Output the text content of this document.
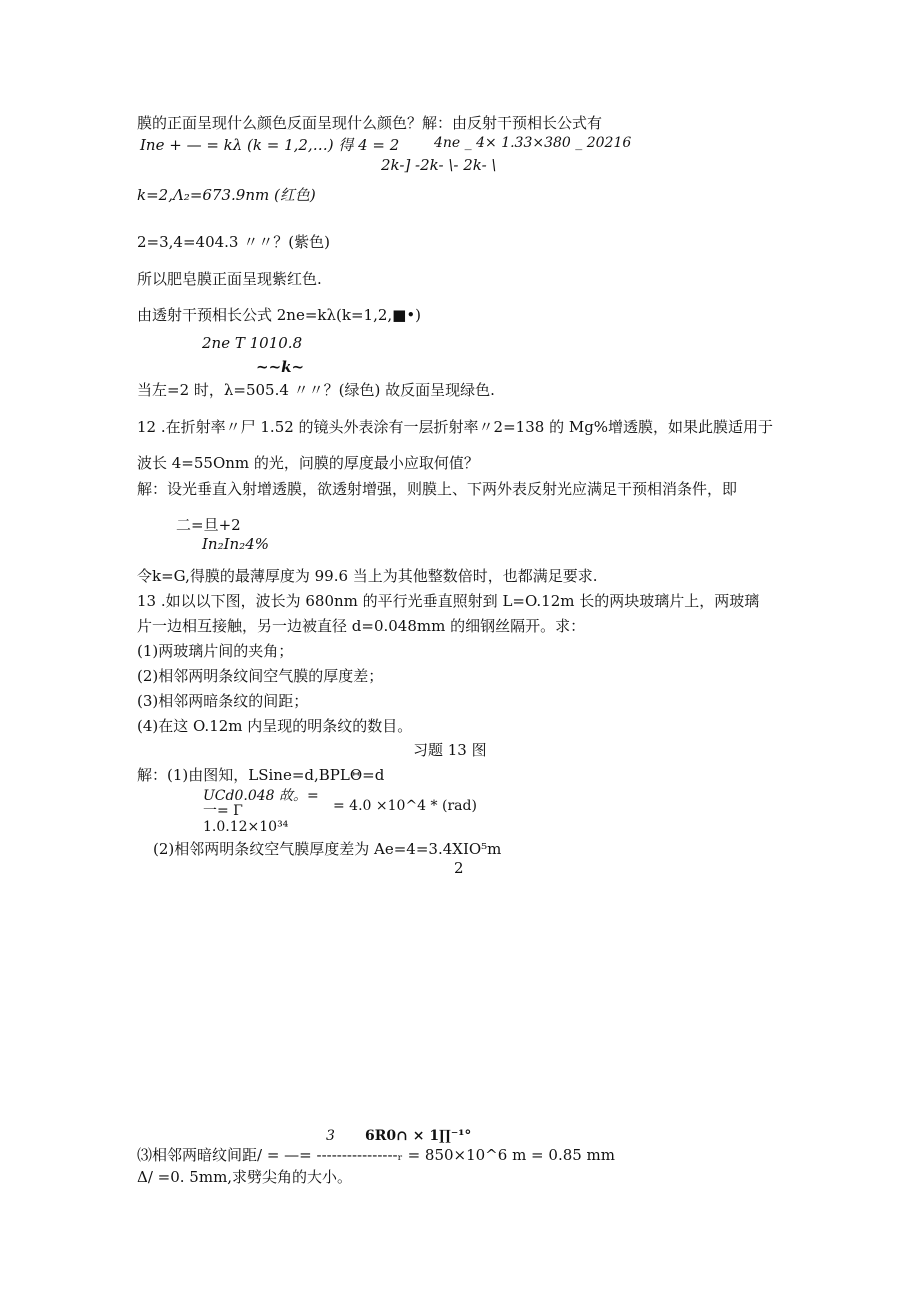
膜的正面呈现什么颜色反面呈现什么颜色？解：由反射干预相长公式有
Ine + — = kλ (k = 1,2,…) 得 4 = 2 4ne _ 4× 1.33×380 _ 20216
2k-] -2k- \- 2k- \
k=2,Λ₂=673.9nm (红色)
2=3,4=404.3 〃〃？(紫色)
所以肥皂膜正面呈现紫红色.
由透射干预相长公式 2ne=kλ(k=1,2,■•)
2ne T 1010.8
~~k~
当左=2 时，λ=505.4 〃〃？(绿色) 故反面呈现绿色.
12 .在折射率〃尸 1.52 的镜头外表涂有一层折射率〃2=138 的 Mg%增透膜，如果此膜适用于
波长 4=55Onm 的光，问膜的厚度最小应取何值？
解：设光垂直入射增透膜，欲透射增强，则膜上、下两外表反射光应满足干预相消条件，即
二=旦+2
In₂In₂4%
令k=G,得膜的最薄厚度为 99.6 当上为其他整数倍时，也都满足要求.
13 .如以以下图，波长为 680nm 的平行光垂直照射到 L=O.12m 长的两块玻璃片上，两玻璃
片一边相互接触，另一边被直径 d=0.048mm 的细钢丝隔开。求：
(1)两玻璃片间的夹角；
(2)相邻两明条纹间空气膜的厚度差；
(3)相邻两暗条纹的间距；
(4)在这 O.12m 内呈现的明条纹的数目。
习题 13 图
解：(1)由图知，LSine=d,BPLΘ=d
UCd0.048 故。=
一= Γ	= 4.0 ×10^4 * (rad)
1.0.12×10³⁴
(2)相邻两明条纹空气膜厚度差为 Ae=4=3.4XIO⁵m
2
3 6R0∩ × 1∏⁻¹°
⑶相邻两暗纹间距/ = —= ----------------ᵣ = 850×10^6 m = 0.85 mm
Δ/ =0. 5mm,求劈尖角的大小。
